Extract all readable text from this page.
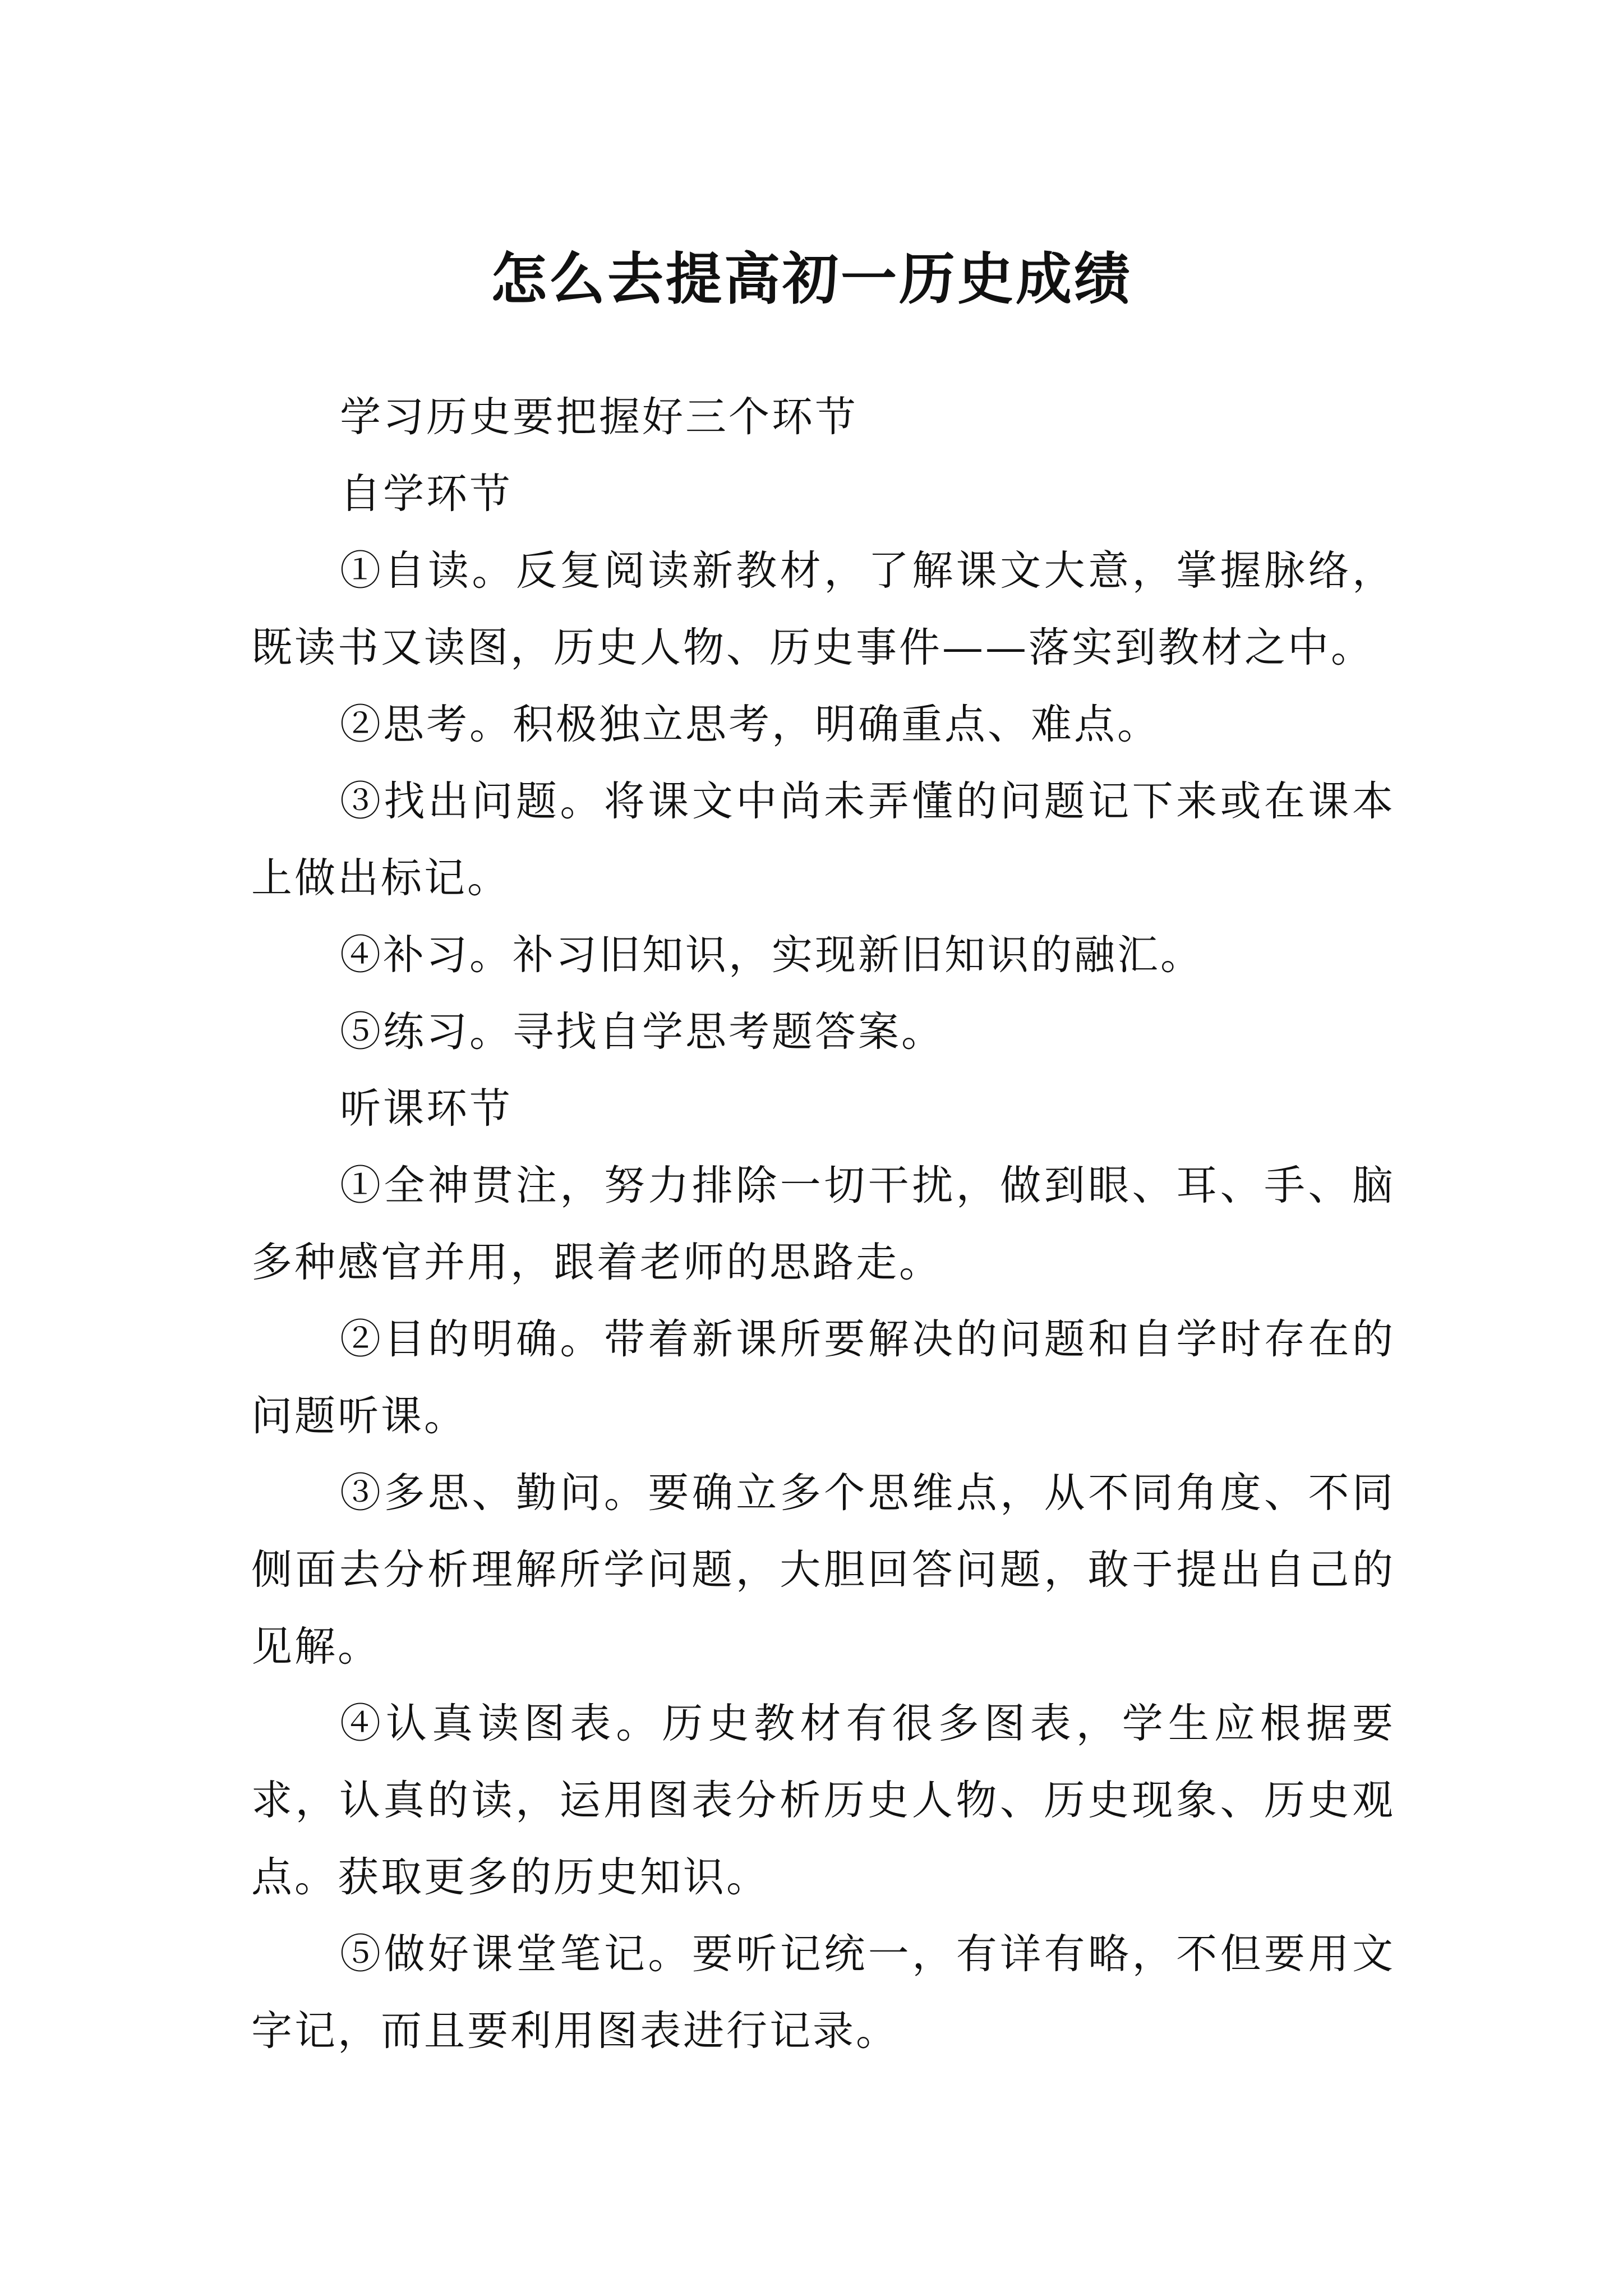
怎么去提高初一历史成绩

学习历史要把握好三个环节

自学环节

①自读。反复阅读新教材，了解课文大意，掌握脉络，既读书又读图，历史人物、历史事件——落实到教材之中。

②思考。积极独立思考，明确重点、难点。

③找出问题。将课文中尚未弄懂的问题记下来或在课本上做出标记。

④补习。补习旧知识，实现新旧知识的融汇。

⑤练习。寻找自学思考题答案。

听课环节

①全神贯注，努力排除一切干扰，做到眼、耳、手、脑多种感官并用，跟着老师的思路走。

②目的明确。带着新课所要解决的问题和自学时存在的问题听课。

③多思、勤问。要确立多个思维点，从不同角度、不同侧面去分析理解所学问题，大胆回答问题，敢于提出自己的见解。

④认真读图表。历史教材有很多图表，学生应根据要求，认真的读，运用图表分析历史人物、历史现象、历史观点。获取更多的历史知识。

⑤做好课堂笔记。要听记统一，有详有略，不但要用文字记，而且要利用图表进行记录。
